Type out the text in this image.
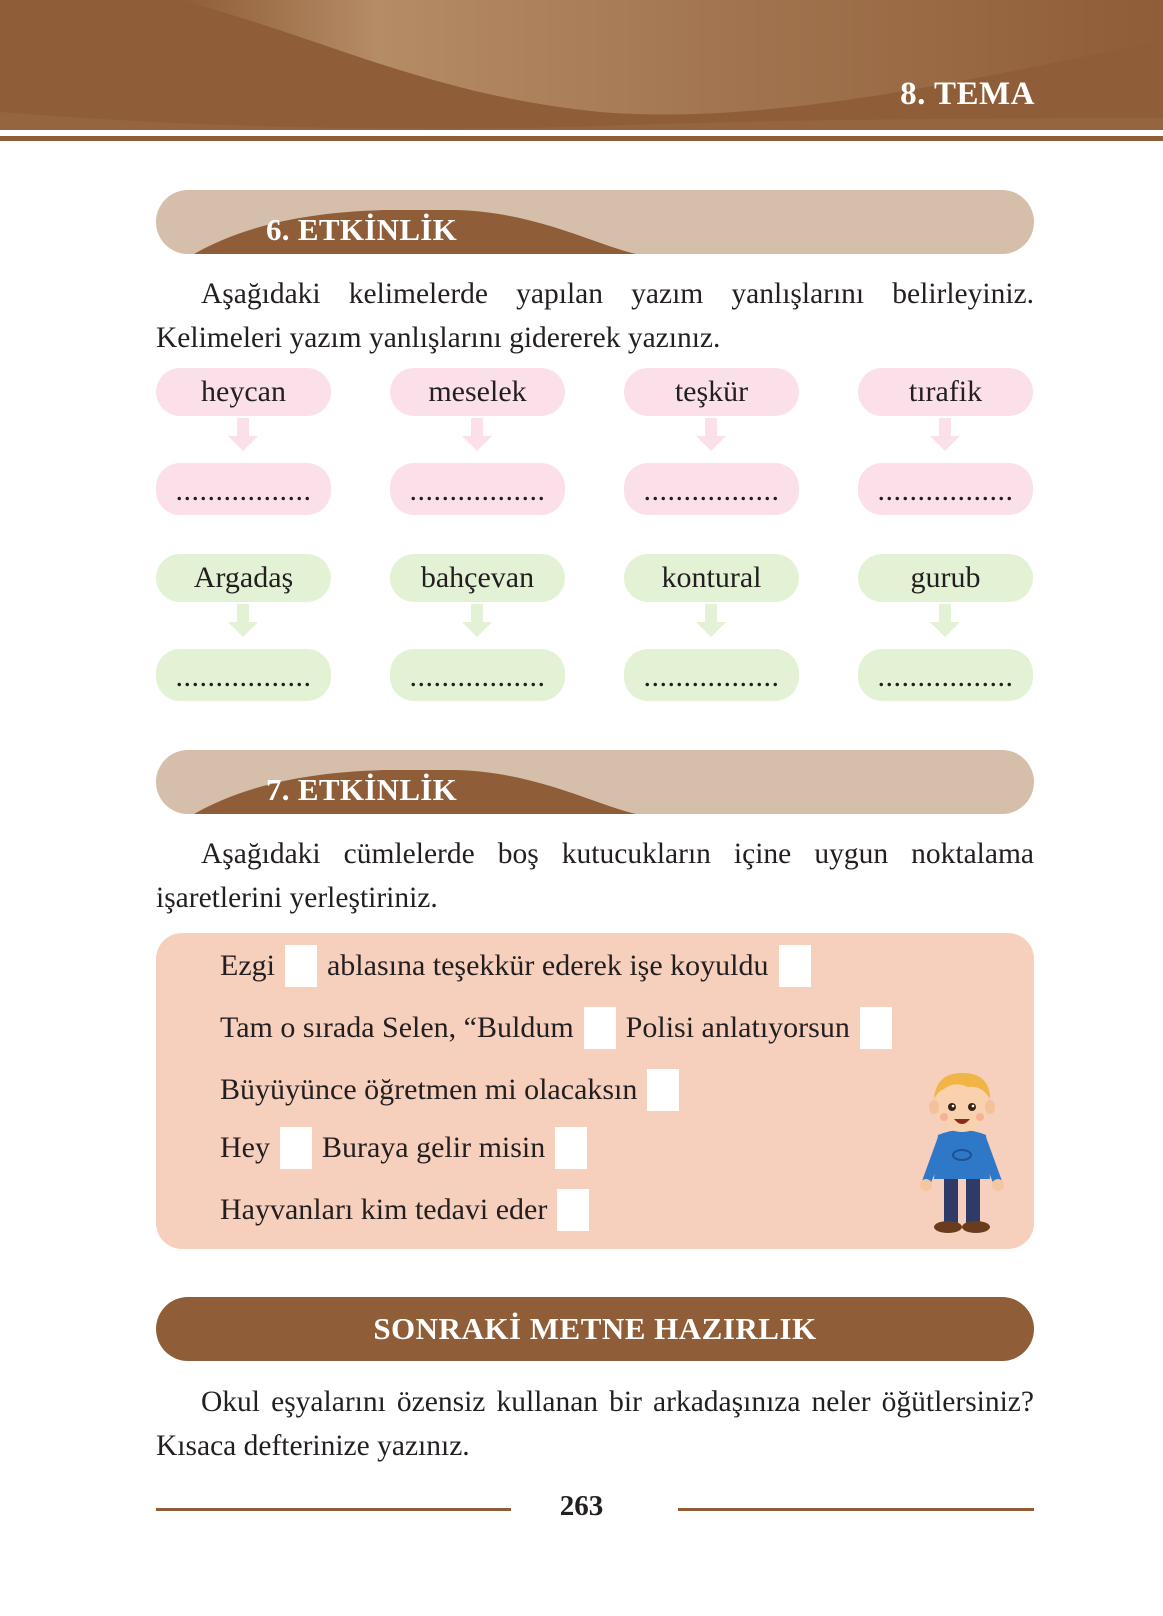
8. TEMA
6. ETKİNLİK
Aşağıdaki kelimelerde yapılan yazım yanlışlarını belirleyiniz. Kelimeleri yazım yanlışlarını gidererek yazınız.
heycan
.................
meselek
.................
teşkür
.................
tırafik
.................
Argadaş
.................
bahçevan
.................
kontural
.................
gurub
.................
7. ETKİNLİK
Aşağıdaki cümlelerde boş kutucukların içine uygun noktalama işaretlerini yerleştiriniz.
Ezgi ablasına teşekkür ederek işe koyuldu
Tam o sırada Selen, “Buldum Polisi anlatıyorsun
Büyüyünce öğretmen mi olacaksın
Hey Buraya gelir misin
Hayvanları kim tedavi eder
SONRAKİ METNE HAZIRLIK
Okul eşyalarını özensiz kullanan bir arkadaşınıza neler öğütlersiniz? Kısaca defterinize yazınız.
263
